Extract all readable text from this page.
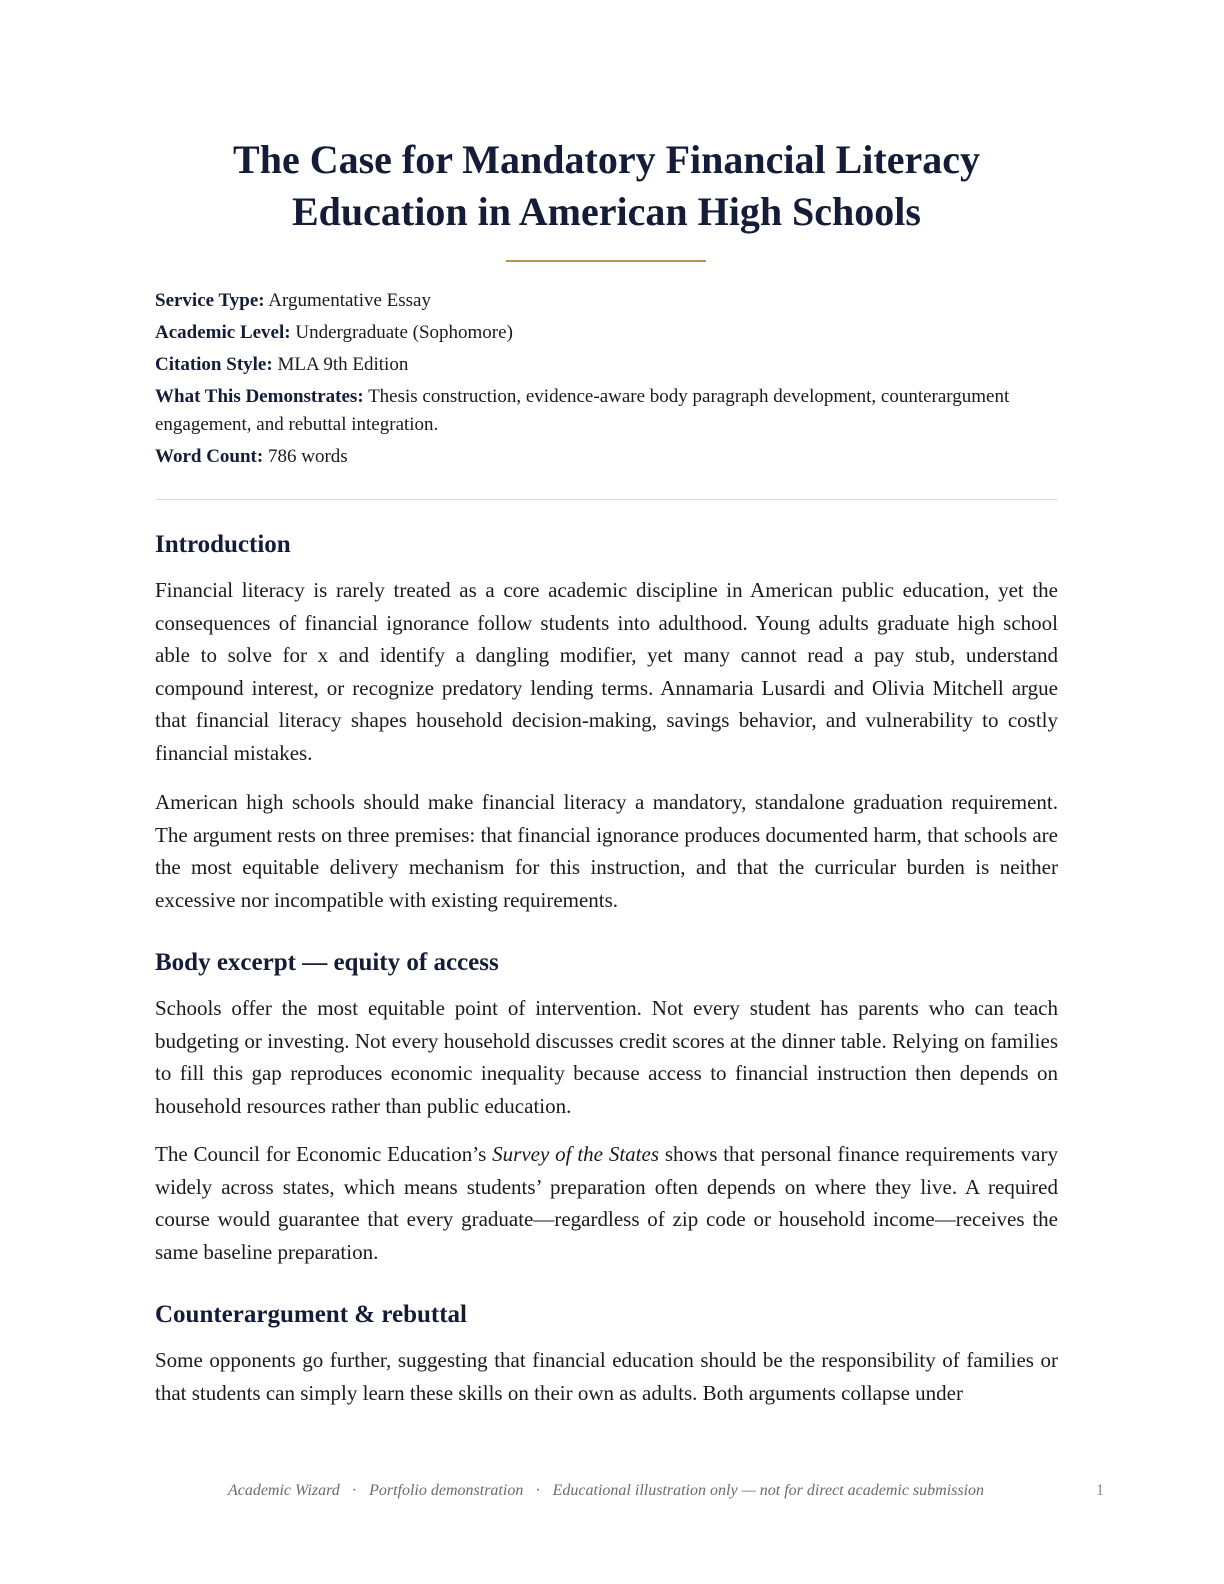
The Case for Mandatory Financial Literacy
Education in American High Schools

Service Type: Argumentative Essay

Academic Level: Undergraduate (Sophomore)

Citation Style: MLA 9th Edition

What This Demonstrates: Thesis construction, evidence-aware body paragraph development, counterargument engagement, and rebuttal integration.

Word Count: 786 words

Introduction

Financial literacy is rarely treated as a core academic discipline in American public education, yet the consequences of financial ignorance follow students into adulthood. Young adults graduate high school able to solve for x and identify a dangling modifier, yet many cannot read a pay stub, understand compound interest, or recognize predatory lending terms. Annamaria Lusardi and Olivia Mitchell argue that financial literacy shapes household decision-making, savings behavior, and vulnerability to costly financial mistakes.

American high schools should make financial literacy a mandatory, standalone graduation requirement. The argument rests on three premises: that financial ignorance produces documented harm, that schools are the most equitable delivery mechanism for this instruction, and that the curricular burden is neither excessive nor incompatible with existing requirements.

Body excerpt — equity of access

Schools offer the most equitable point of intervention. Not every student has parents who can teach budgeting or investing. Not every household discusses credit scores at the dinner table. Relying on families to fill this gap reproduces economic inequality because access to financial instruction then depends on household resources rather than public education.

The Council for Economic Education’s Survey of the States shows that personal finance requirements vary widely across states, which means students’ preparation often depends on where they live. A required course would guarantee that every graduate—regardless of zip code or household income—receives the same baseline preparation.

Counterargument & rebuttal

Some opponents go further, suggesting that financial education should be the responsibility of families or that students can simply learn these skills on their own as adults. Both arguments collapse under

Academic Wizard · Portfolio demonstration · Educational illustration only — not for direct academic submission	1
